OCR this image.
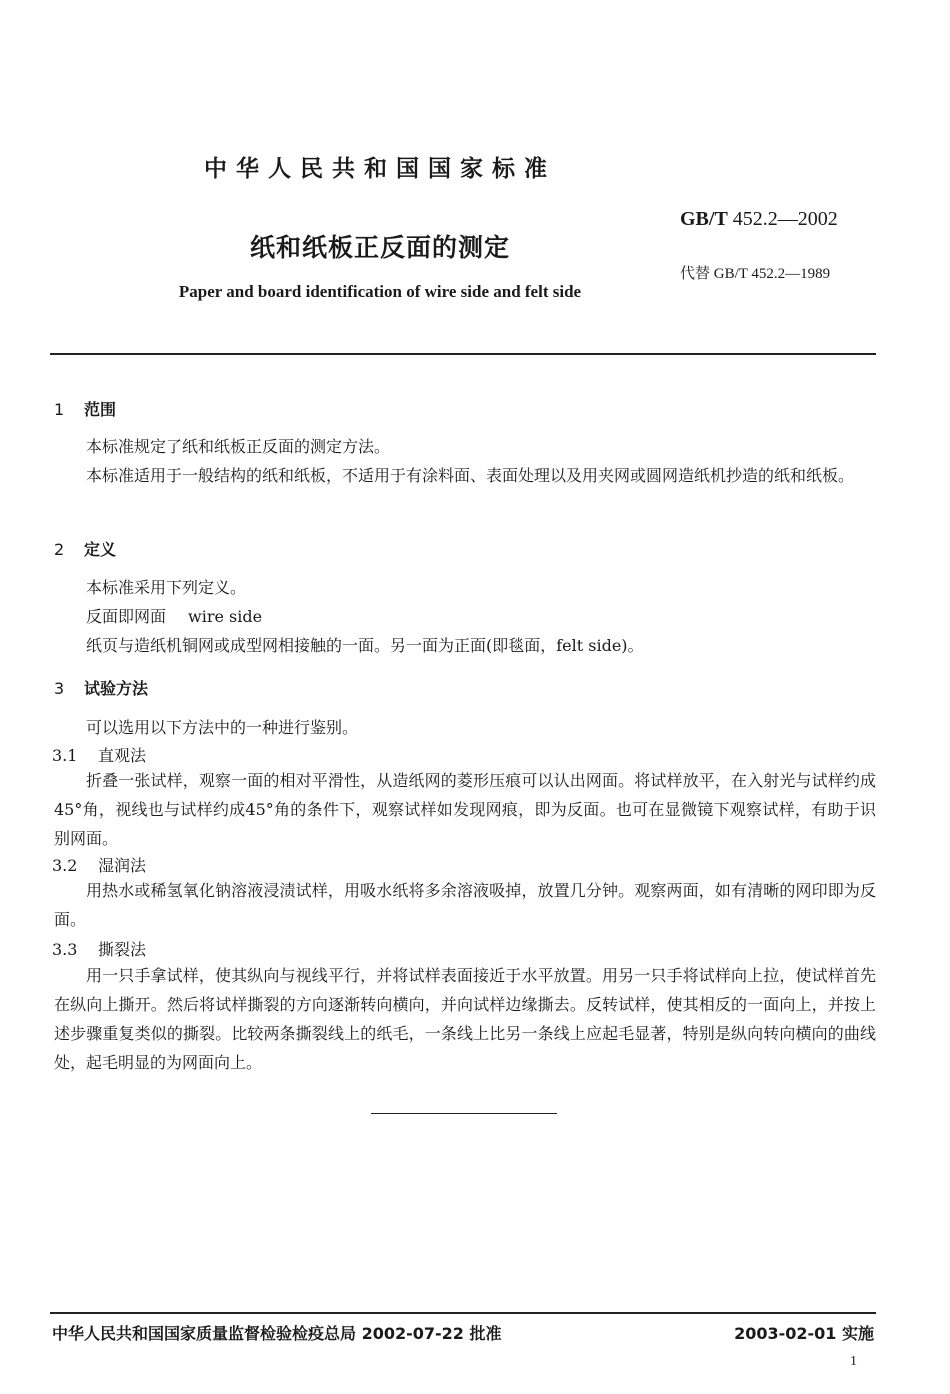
中华人民共和国国家标准
GB/T 452.2—2002
纸和纸板正反面的测定
代替 GB/T 452.2—1989
Paper and board identification of wire side and felt side
1 范围
本标准规定了纸和纸板正反面的测定方法。
本标准适用于一般结构的纸和纸板，不适用于有涂料面、表面处理以及用夹网或圆网造纸机抄造的纸和纸板。
2 定义
本标准采用下列定义。
反面即网面 wire side
纸页与造纸机铜网或成型网相接触的一面。另一面为正面(即毯面，felt side)。
3 试验方法
可以选用以下方法中的一种进行鉴别。
3.1 直观法
折叠一张试样，观察一面的相对平滑性，从造纸网的菱形压痕可以认出网面。将试样放平，在入射光与试样约成45°角，视线也与试样约成45°角的条件下，观察试样如发现网痕，即为反面。也可在显微镜下观察试样，有助于识别网面。
3.2 湿润法
用热水或稀氢氧化钠溶液浸渍试样，用吸水纸将多余溶液吸掉，放置几分钟。观察两面，如有清晰的网印即为反面。
3.3 撕裂法
用一只手拿试样，使其纵向与视线平行，并将试样表面接近于水平放置。用另一只手将试样向上拉，使试样首先在纵向上撕开。然后将试样撕裂的方向逐渐转向横向，并向试样边缘撕去。反转试样，使其相反的一面向上，并按上述步骤重复类似的撕裂。比较两条撕裂线上的纸毛，一条线上比另一条线上应起毛显著，特别是纵向转向横向的曲线处，起毛明显的为网面向上。
中华人民共和国国家质量监督检验检疫总局 2002-07-22 批准	2003-02-01 实施
1
